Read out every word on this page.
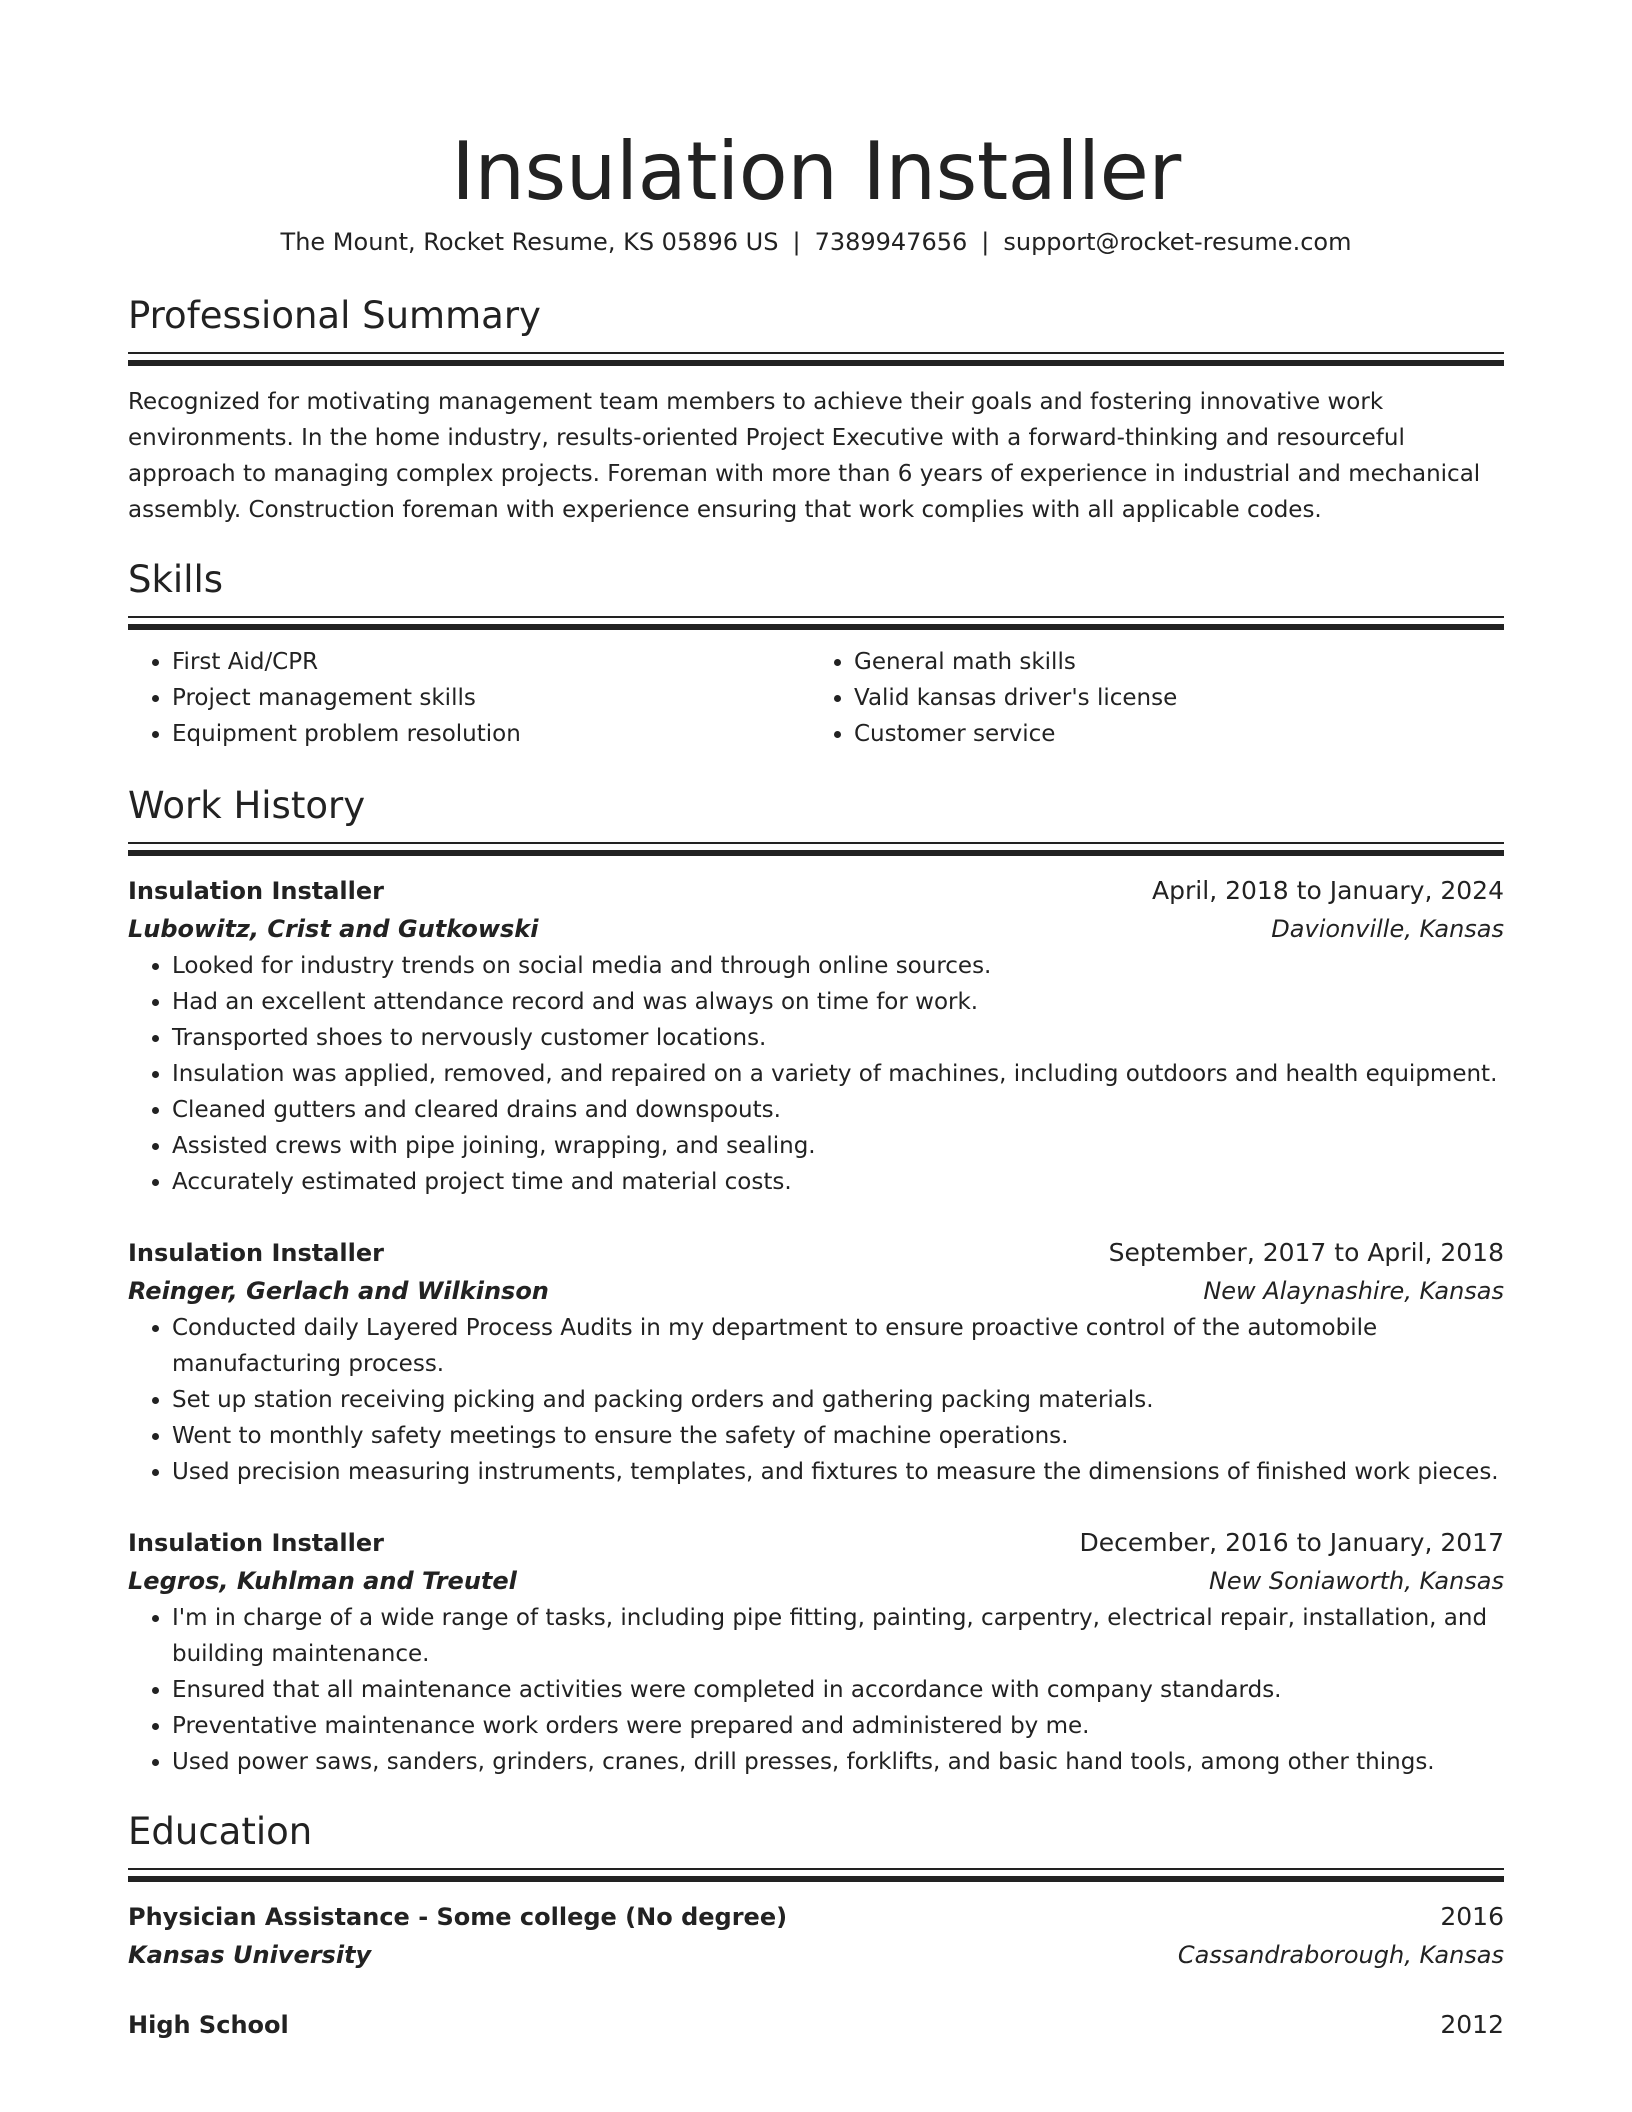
Insulation Installer
The Mount, Rocket Resume, KS 05896 US | 7389947656 | support@rocket-resume.com
Professional Summary
Recognized for motivating management team members to achieve their goals and fostering innovative work environments. In the home industry, results-oriented Project Executive with a forward-thinking and resourceful approach to managing complex projects. Foreman with more than 6 years of experience in industrial and mechanical assembly. Construction foreman with experience ensuring that work complies with all applicable codes.
Skills
• First Aid/CPR
• Project management skills
• Equipment problem resolution
• General math skills
• Valid kansas driver's license
• Customer service
Work History
Insulation Installer	April, 2018 to January, 2024
Lubowitz, Crist and Gutkowski	Davionville, Kansas
• Looked for industry trends on social media and through online sources.
• Had an excellent attendance record and was always on time for work.
• Transported shoes to nervously customer locations.
• Insulation was applied, removed, and repaired on a variety of machines, including outdoors and health equipment.
• Cleaned gutters and cleared drains and downspouts.
• Assisted crews with pipe joining, wrapping, and sealing.
• Accurately estimated project time and material costs.
Insulation Installer	September, 2017 to April, 2018
Reinger, Gerlach and Wilkinson	New Alaynashire, Kansas
• Conducted daily Layered Process Audits in my department to ensure proactive control of the automobile manufacturing process.
• Set up station receiving picking and packing orders and gathering packing materials.
• Went to monthly safety meetings to ensure the safety of machine operations.
• Used precision measuring instruments, templates, and fixtures to measure the dimensions of finished work pieces.
Insulation Installer	December, 2016 to January, 2017
Legros, Kuhlman and Treutel	New Soniaworth, Kansas
• I'm in charge of a wide range of tasks, including pipe fitting, painting, carpentry, electrical repair, installation, and building maintenance.
• Ensured that all maintenance activities were completed in accordance with company standards.
• Preventative maintenance work orders were prepared and administered by me.
• Used power saws, sanders, grinders, cranes, drill presses, forklifts, and basic hand tools, among other things.
Education
Physician Assistance - Some college (No degree)	2016
Kansas University	Cassandraborough, Kansas
High School	2012
